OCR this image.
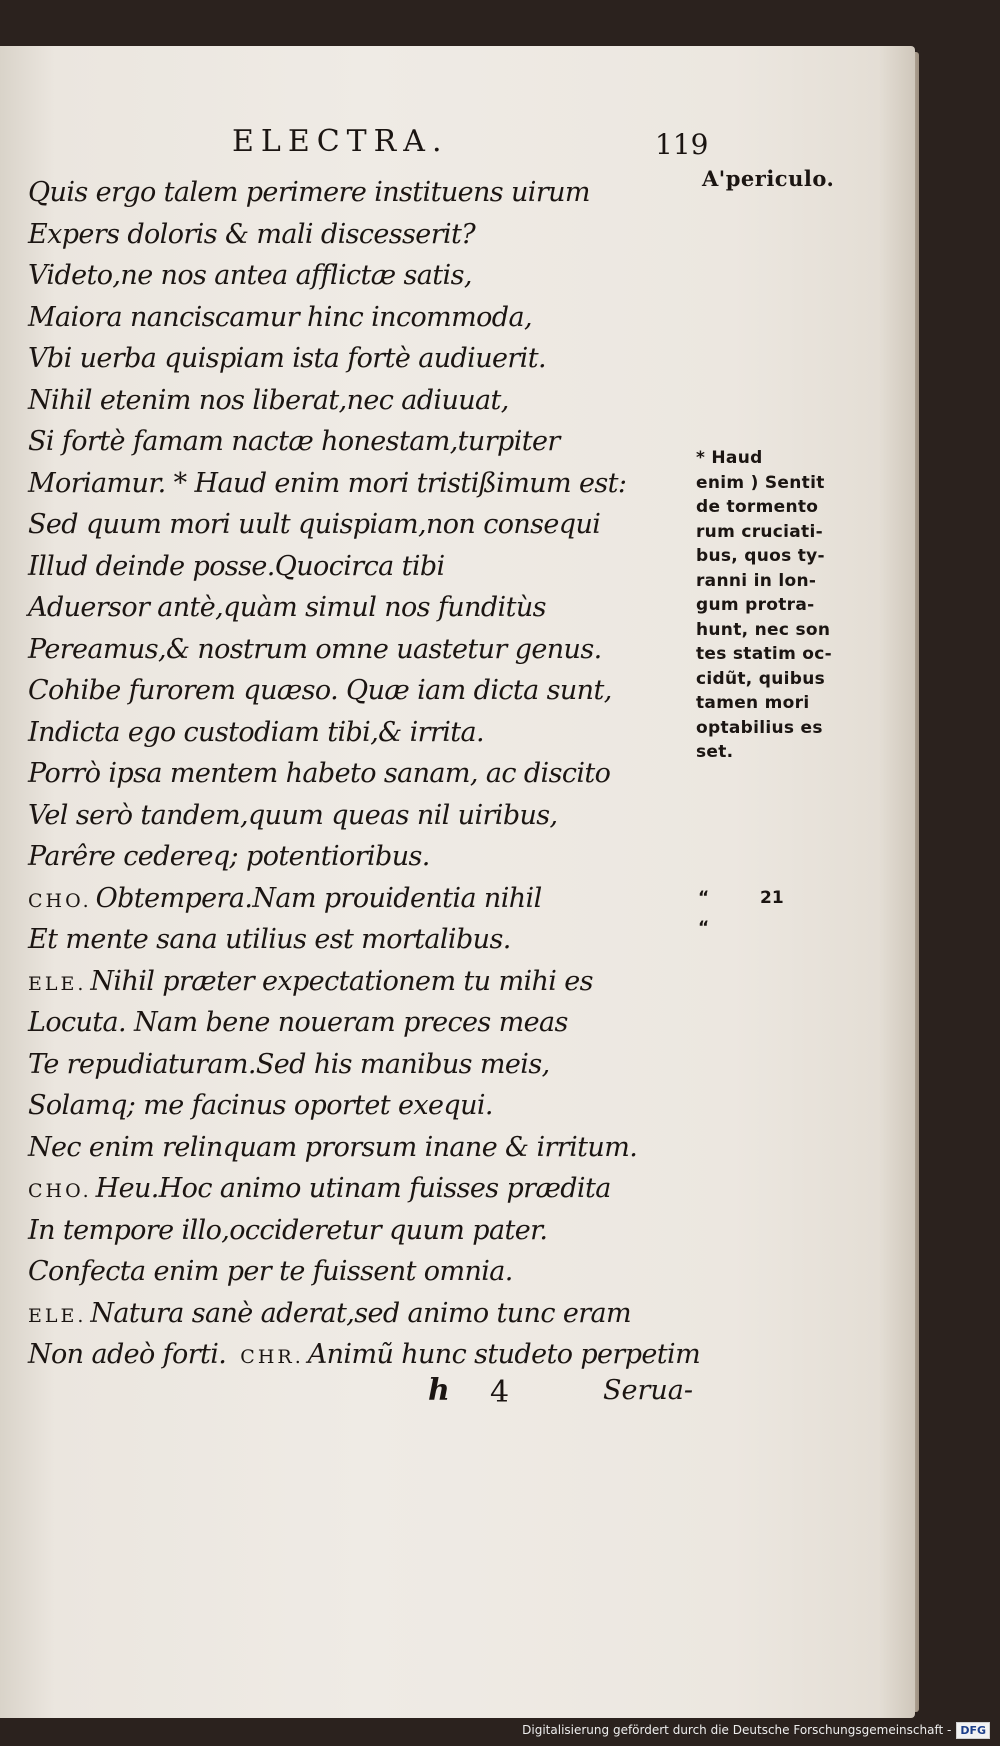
ELECTRA.	119
A'periculo.
Quis ergo talem perimere instituens uirum
Expers doloris & mali discesserit?
Videto,ne nos antea afflictæ satis,
Maiora nanciscamur hinc incommoda,
Vbi uerba quispiam ista fortè audiuerit.
Nihil etenim nos liberat,nec adiuuat,
Si fortè famam nactæ honestam,turpiter
Moriamur. * Haud enim mori tristißimum est:
Sed quum mori uult quispiam,non consequi
Illud deinde posse.Quocirca tibi
Aduersor antè,quàm simul nos funditùs
Pereamus,& nostrum omne uastetur genus.
Cohibe furorem quæso. Quæ iam dicta sunt,
Indicta ego custodiam tibi,& irrita.
Porrò ipsa mentem habeto sanam, ac discito
Vel serò tandem,quum queas nil uiribus,
Parêre cedereq; potentioribus.
CHO. Obtempera.Nam prouidentia nihil
Et mente sana utilius est mortalibus.
ELE. Nihil præter expectationem tu mihi es
Locuta. Nam bene noueram preces meas
Te repudiaturam.Sed his manibus meis,
Solamq; me facinus oportet exequi.
Nec enim relinquam prorsum inane & irritum.
CHO. Heu.Hoc animo utinam fuisses prædita
In tempore illo,occideretur quum pater.
Confecta enim per te fuissent omnia.
ELE. Natura sanè aderat,sed animo tunc eram
Non adeò forti. CHR. Animũ hunc studeto perpetim
* Haud
enim ) Sentit
de tormento
rum cruciati-
bus, quos ty-
ranni in lon-
gum protra-
hunt, nec son
tes statim oc-
cidũt, quibus
tamen mori
optabilius es
set.
“	21
“
h 4	Serua-
Digitalisierung gefördert durch die Deutsche Forschungsgemeinschaft - DFG
